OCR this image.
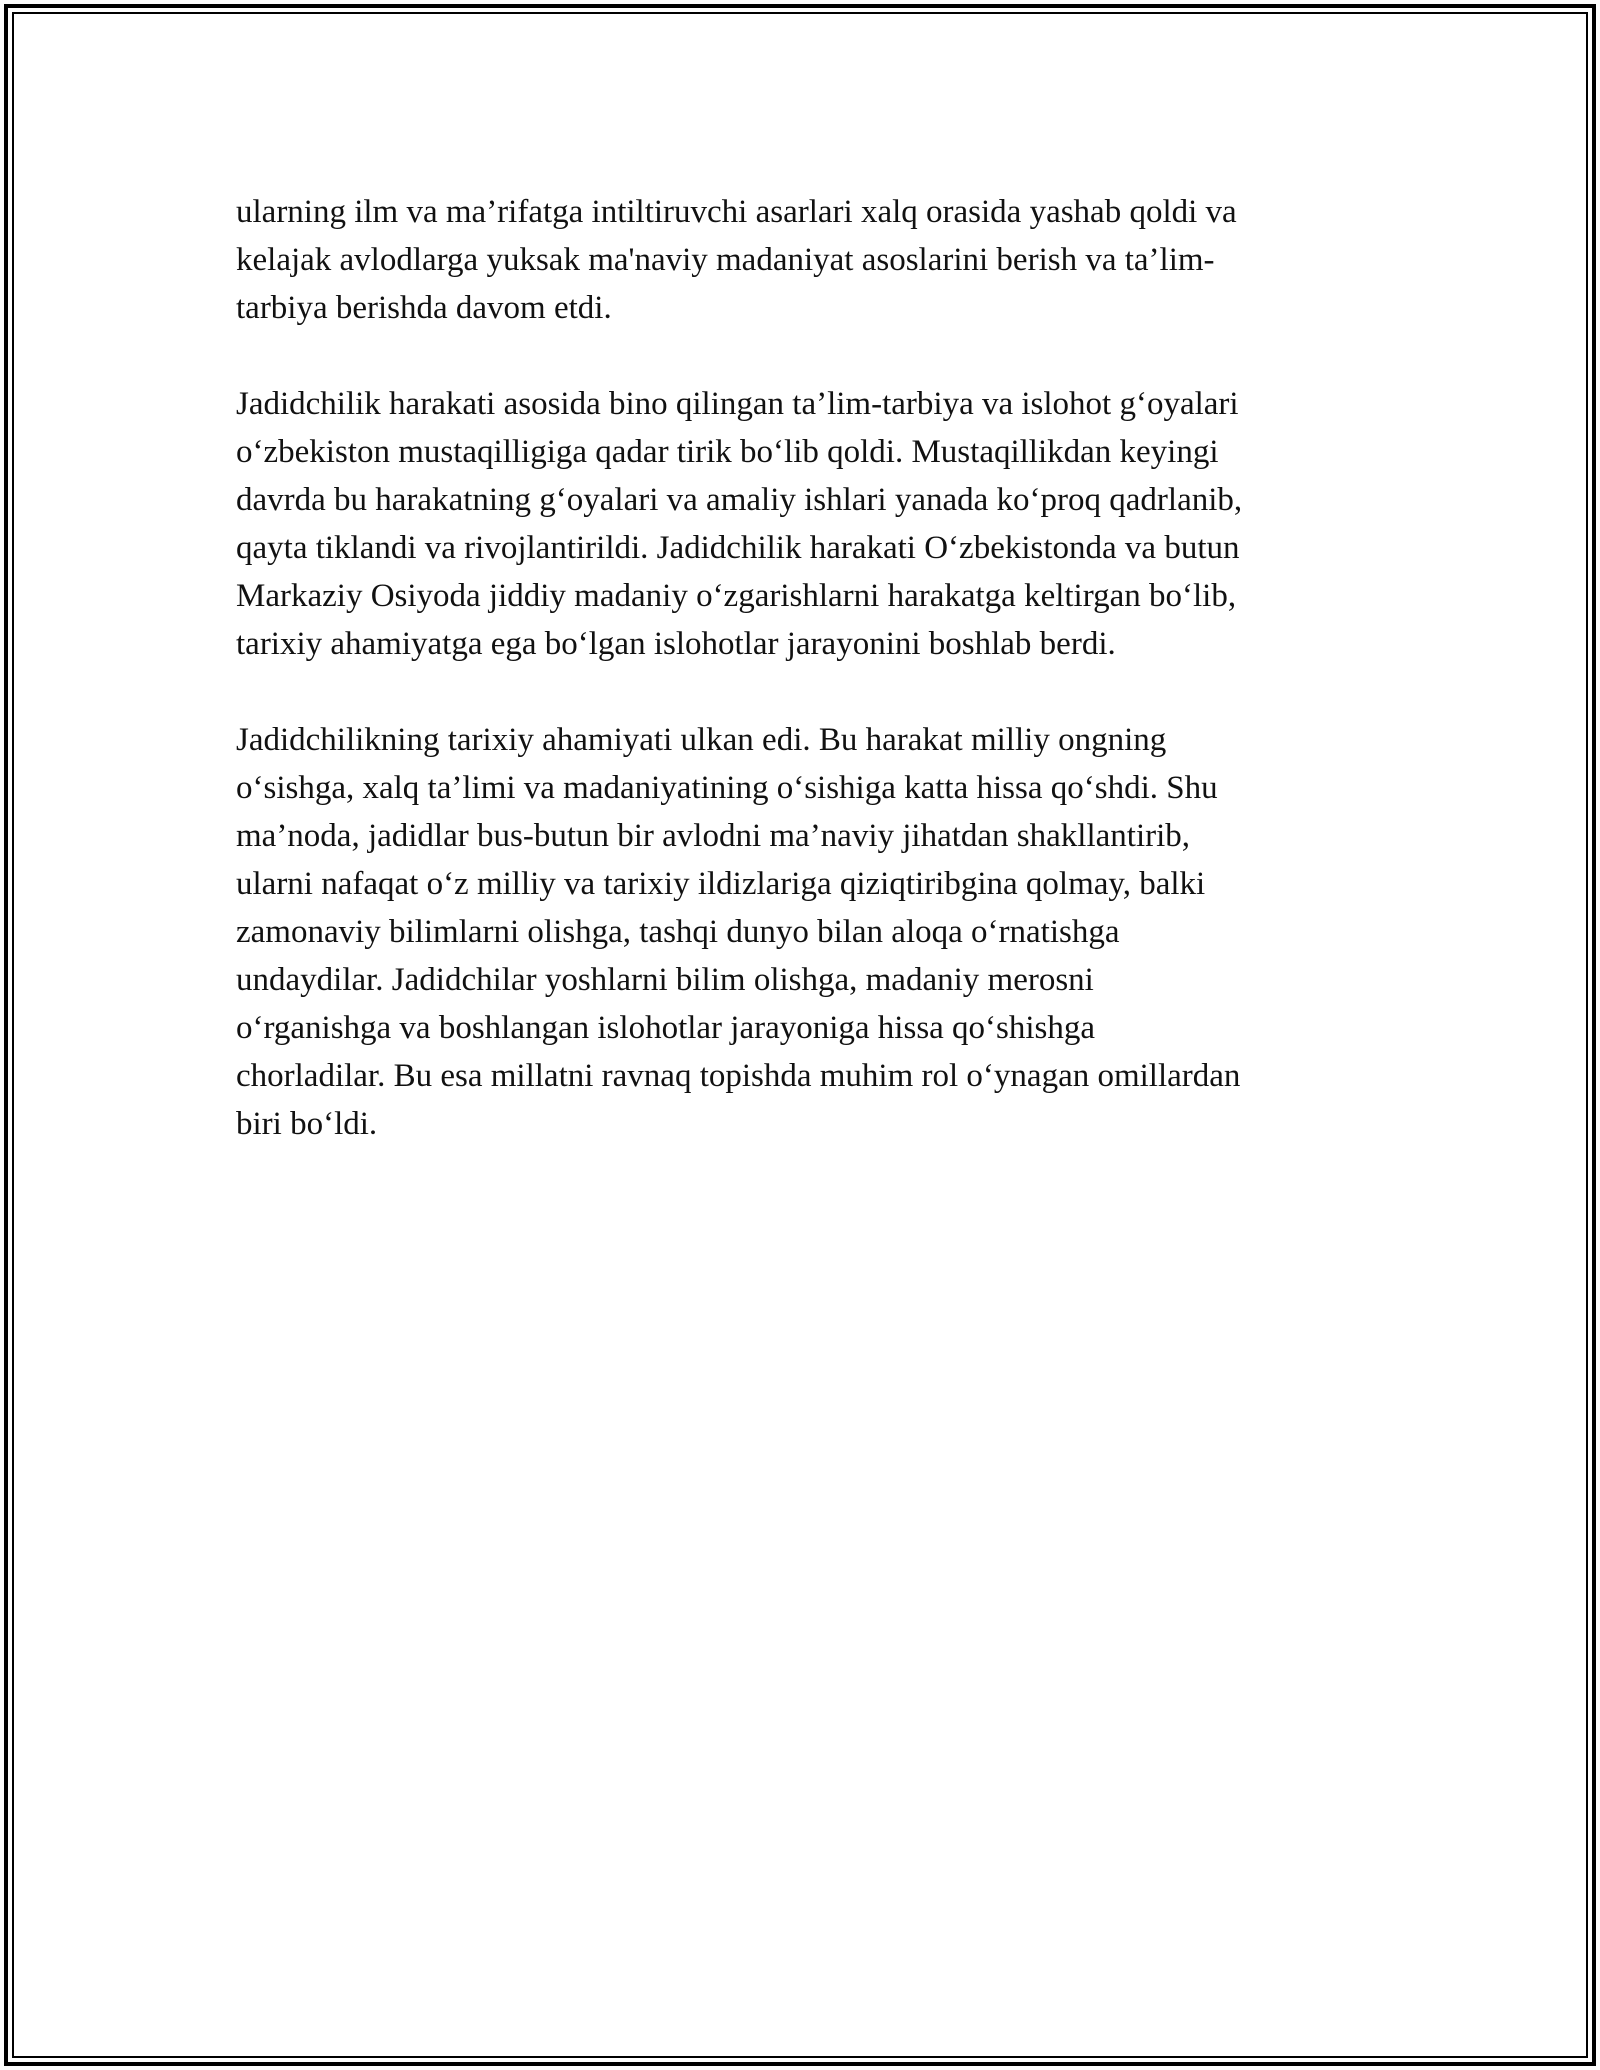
ularning ilm va ma’rifatga intiltiruvchi asarlari xalq orasida yashab qoldi va
kelajak avlodlarga yuksak ma'naviy madaniyat asoslarini berish va ta’lim-
tarbiya berishda davom etdi.

Jadidchilik harakati asosida bino qilingan ta’lim-tarbiya va islohot g‘oyalari
o‘zbekiston mustaqilligiga qadar tirik bo‘lib qoldi. Mustaqillikdan keyingi
davrda bu harakatning g‘oyalari va amaliy ishlari yanada ko‘proq qadrlanib,
qayta tiklandi va rivojlantirildi. Jadidchilik harakati O‘zbekistonda va butun
Markaziy Osiyoda jiddiy madaniy o‘zgarishlarni harakatga keltirgan bo‘lib,
tarixiy ahamiyatga ega bo‘lgan islohotlar jarayonini boshlab berdi.

Jadidchilikning tarixiy ahamiyati ulkan edi. Bu harakat milliy ongning
o‘sishga, xalq ta’limi va madaniyatining o‘sishiga katta hissa qo‘shdi. Shu
ma’noda, jadidlar bus-butun bir avlodni ma’naviy jihatdan shakllantirib,
ularni nafaqat o‘z milliy va tarixiy ildizlariga qiziqtiribgina qolmay, balki
zamonaviy bilimlarni olishga, tashqi dunyo bilan aloqa o‘rnatishga
undaydilar. Jadidchilar yoshlarni bilim olishga, madaniy merosni
o‘rganishga va boshlangan islohotlar jarayoniga hissa qo‘shishga
chorladilar. Bu esa millatni ravnaq topishda muhim rol o‘ynagan omillardan
biri bo‘ldi.
